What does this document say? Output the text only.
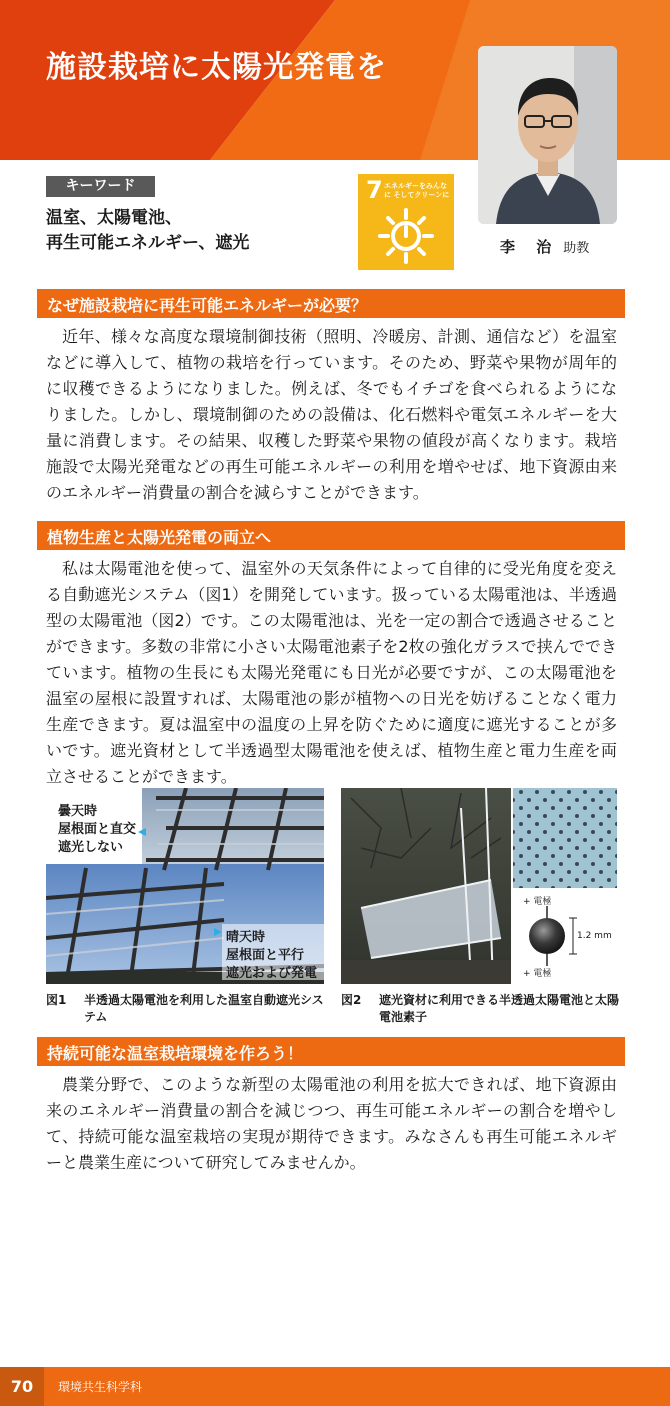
施設栽培に太陽光発電を
李 治 助教
キーワード
温室、太陽電池、
再生可能エネルギー、遮光
7 エネルギーをみんなに そしてクリーンに
なぜ施設栽培に再生可能エネルギーが必要？
近年、様々な高度な環境制御技術（照明、冷暖房、計測、通信など）を温室などに導入して、植物の栽培を行っています。そのため、野菜や果物が周年的に収穫できるようになりました。例えば、冬でもイチゴを食べられるようになりました。しかし、環境制御のための設備は、化石燃料や電気エネルギーを大量に消費します。その結果、収穫した野菜や果物の値段が高くなります。栽培施設で太陽光発電などの再生可能エネルギーの利用を増やせば、地下資源由来のエネルギー消費量の割合を減らすことができます。
植物生産と太陽光発電の両立へ
私は太陽電池を使って、温室外の天気条件によって自律的に受光角度を変える自動遮光システム（図1）を開発しています。扱っている太陽電池は、半透過型の太陽電池（図2）です。この太陽電池は、光を一定の割合で透過させることができます。多数の非常に小さい太陽電池素子を2枚の強化ガラスで挟んでできています。植物の生長にも太陽光発電にも日光が必要ですが、この太陽電池を温室の屋根に設置すれば、太陽電池の影が植物への日光を妨げることなく電力生産できます。夏は温室中の温度の上昇を防ぐために適度に遮光することが多いです。遮光資材として半透過型太陽電池を使えば、植物生産と電力生産を両立させることができます。
曇天時
屋根面と直交
遮光しない
晴天時
屋根面と平行
遮光および発電
図1 半透過太陽電池を利用した温室自動遮光システム
+ 電極
+ 電極
1.2 mm
図2 遮光資材に利用できる半透過太陽電池と太陽電池素子
持続可能な温室栽培環境を作ろう！
農業分野で、このような新型の太陽電池の利用を拡大できれば、地下資源由来のエネルギー消費量の割合を減じつつ、再生可能エネルギーの割合を増やして、持続可能な温室栽培の実現が期待できます。みなさんも再生可能エネルギーと農業生産について研究してみませんか。
70	環境共生科学科
